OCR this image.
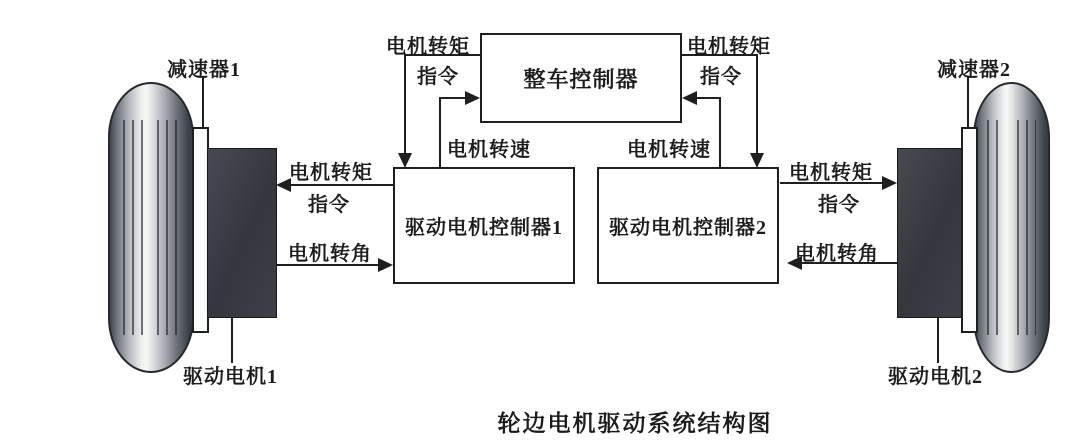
整车控制器
驱动电机控制器1	驱动电机控制器2
减速器1	减速器2
驱动电机1	驱动电机2
电机转矩
指令
电机转矩
指令
电机转速	电机转速
电机转矩
指令
电机转角
电机转矩
指令
电机转角
轮边电机驱动系统结构图
